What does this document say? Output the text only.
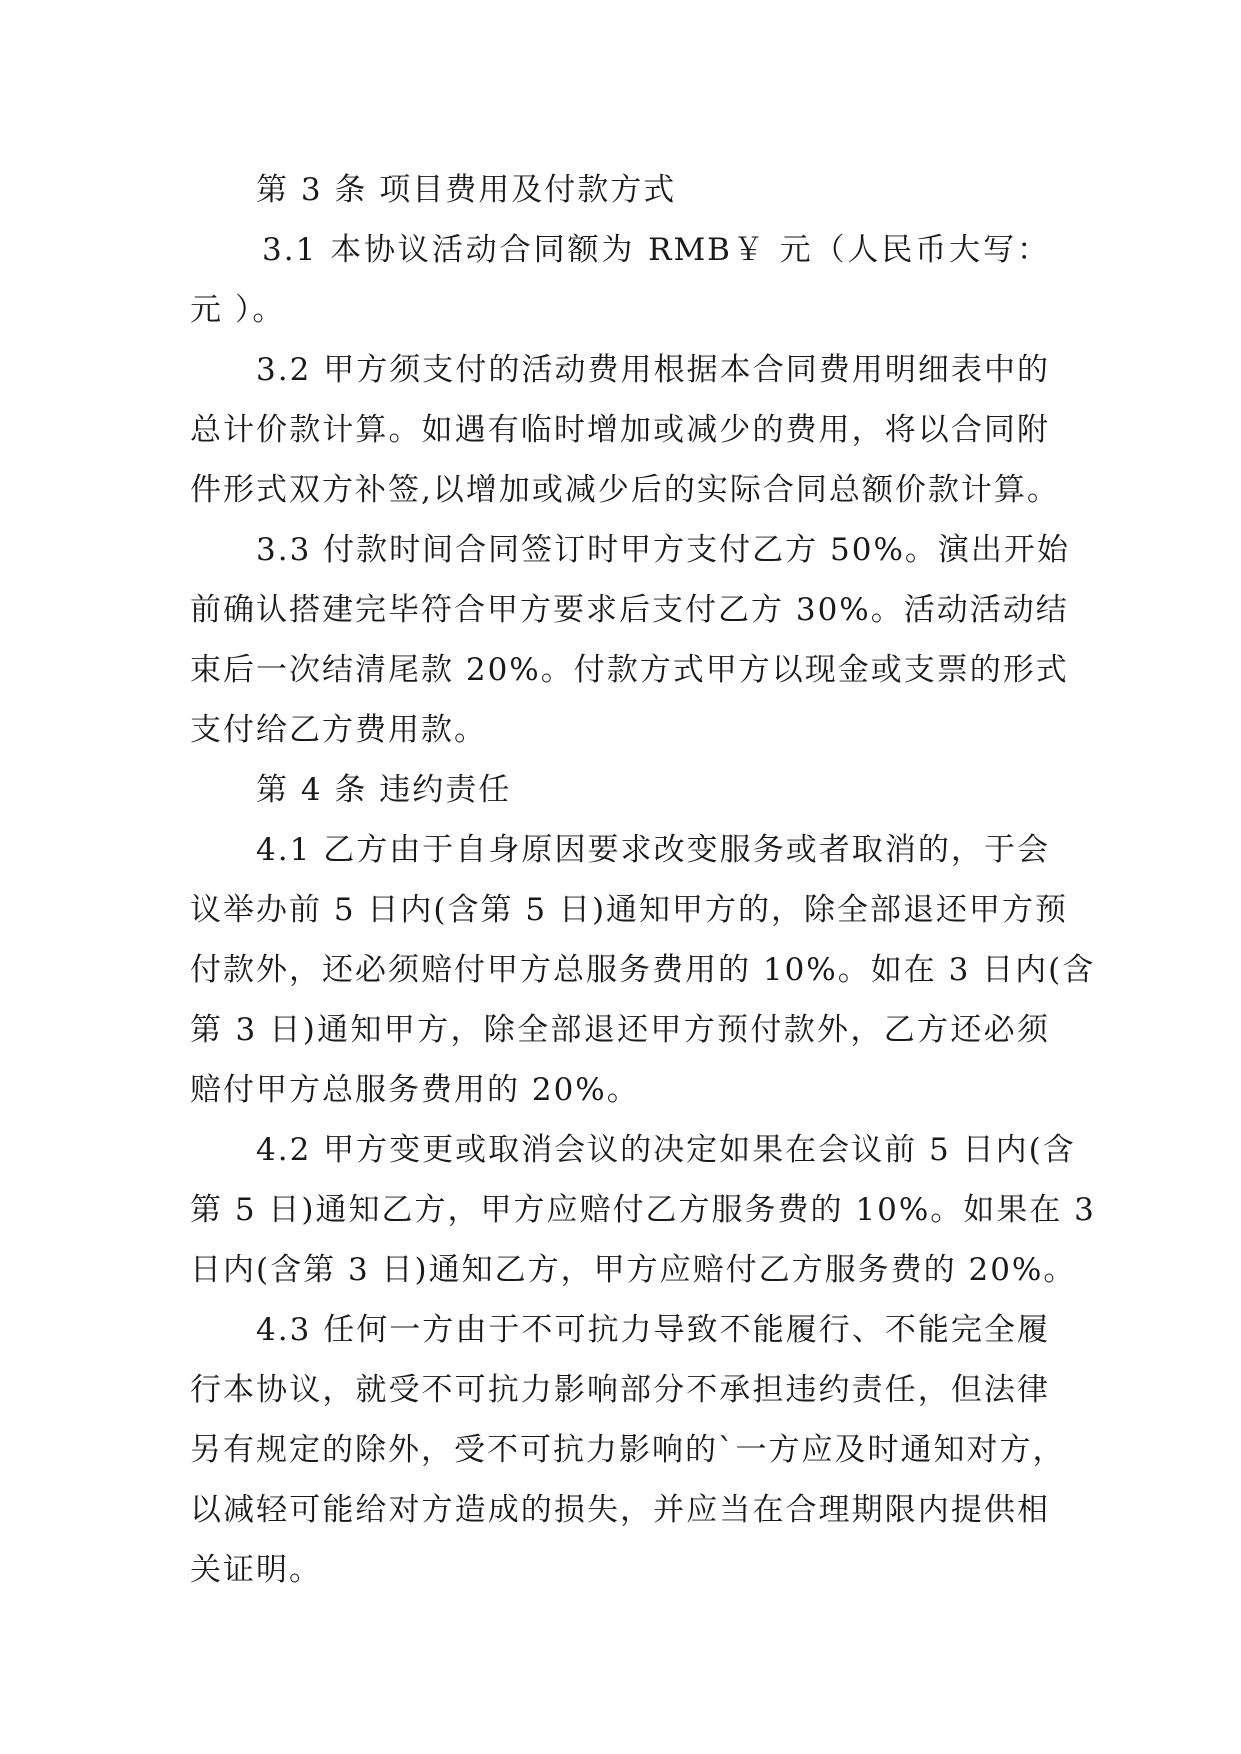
第 3 条 项目费用及付款方式
3.1 本协议活动合同额为 RMB￥ 元（人民币大写：
元 ）。
3.2 甲方须支付的活动费用根据本合同费用明细表中的
总计价款计算。如遇有临时增加或减少的费用，将以合同附
件形式双方补签,以增加或减少后的实际合同总额价款计算。
3.3 付款时间合同签订时甲方支付乙方 50%。演出开始
前确认搭建完毕符合甲方要求后支付乙方 30%。活动活动结
束后一次结清尾款 20%。付款方式甲方以现金或支票的形式
支付给乙方费用款。
第 4 条 违约责任
4.1 乙方由于自身原因要求改变服务或者取消的，于会
议举办前 5 日内(含第 5 日)通知甲方的，除全部退还甲方预
付款外，还必须赔付甲方总服务费用的 10%。如在 3 日内(含
第 3 日)通知甲方，除全部退还甲方预付款外，乙方还必须
赔付甲方总服务费用的 20%。
4.2 甲方变更或取消会议的决定如果在会议前 5 日内(含
第 5 日)通知乙方，甲方应赔付乙方服务费的 10%。如果在 3
日内(含第 3 日)通知乙方，甲方应赔付乙方服务费的 20%。
4.3 任何一方由于不可抗力导致不能履行、不能完全履
行本协议，就受不可抗力影响部分不承担违约责任，但法律
另有规定的除外，受不可抗力影响的`一方应及时通知对方，
以减轻可能给对方造成的损失，并应当在合理期限内提供相
关证明。
